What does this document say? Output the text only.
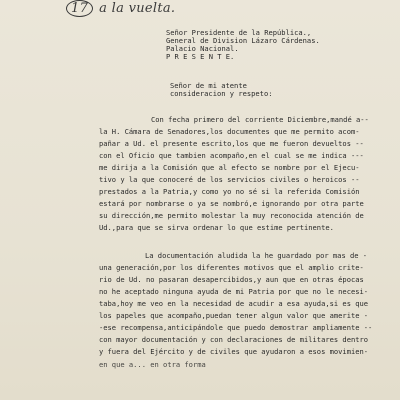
17 a la vuelta.
Señor Presidente de la República.,
General de Division Lázaro Cárdenas.
Palacio Nacional.
P R E S E N T E.
Señor de mi atente
consideracion y respeto:
Con fecha primero del corriente Diciembre,mandé a--
la H. Cámara de Senadores,los documentes que me permito acom-
pañar a Ud. el presente escrito,los que me fueron devueltos --
con el Oficio que tambien acompaño,en el cual se me indica ---
me dirija a la Comisión que al efecto se nombre por el Ejecu-
tivo y la que conoceré de los servicios civiles o heroicos --
prestados a la Patria,y como yo no sé si la referida Comisión
estará por nombrarse o ya se nombró,e ignorando por otra parte
su dirección,me permito molestar la muy reconocida atención de
Ud.,para que se sirva ordenar lo que estime pertinente.
La documentación aludida la he guardado por mas de -
una generación,por los diferentes motivos que el amplio crite-
rio de Ud. no pasaran desapercibidos,y aun que en otras épocas
no he aceptado ninguna ayuda de mi Patria por que no le necesi-
taba,hoy me veo en la necesidad de acudir a esa ayuda,si es que
los papeles que acompaño,puedan tener algun valor que amerite -
-ese recompensa,anticipándole que puedo demostrar ampliamente --
con mayor documentación y con declaraciones de militares dentro
y fuera del Ejército y de civiles que ayudaron a esos movimien-
en que a... en otra forma
